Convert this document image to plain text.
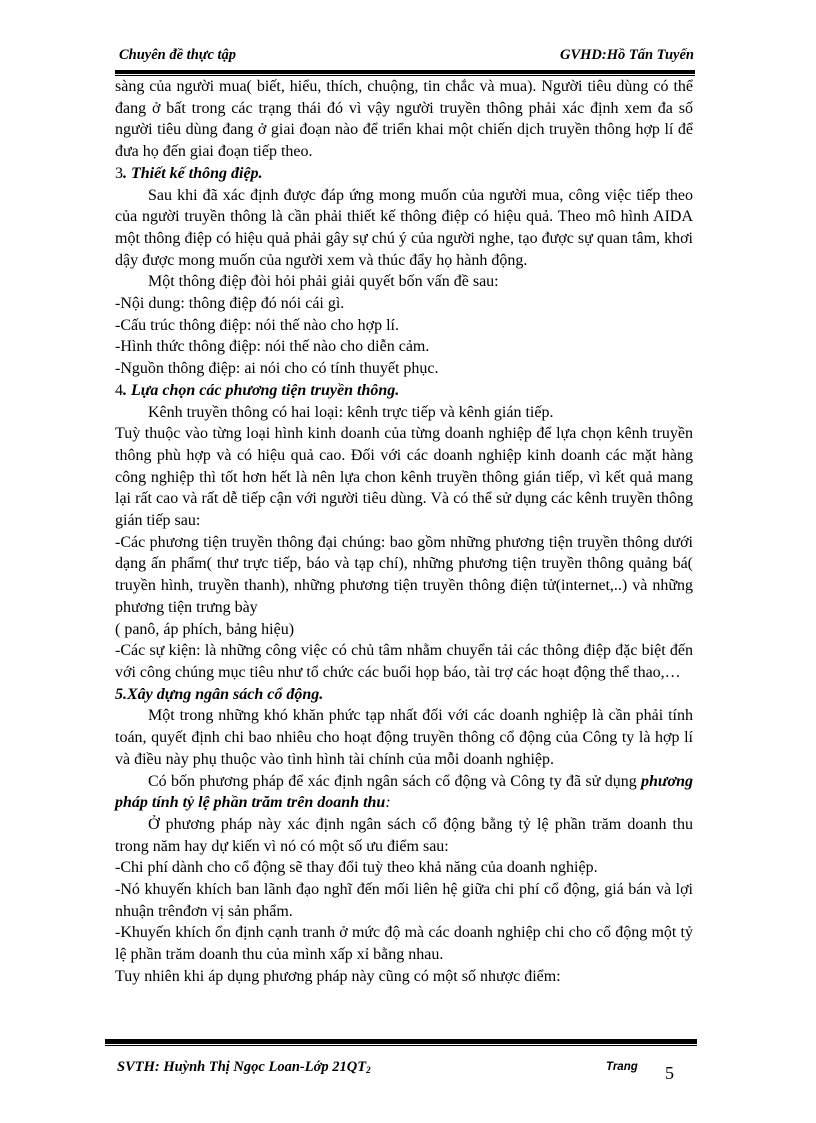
Chuyên đề thực tập	GVHD:Hồ Tấn Tuyến

sàng của người mua( biết, hiểu, thích, chuộng, tin chắc và mua). Người tiêu dùng có thể đang ở bất trong các trạng thái đó vì vậy người truyền thông phải xác định xem đa số người tiêu dùng đang ở giai đoạn nào để triển khai một chiến dịch truyền thông hợp lí để đưa họ đến giai đoạn tiếp theo.

3. Thiết kế thông điệp.

Sau khi đã xác định được đáp ứng mong muốn của người mua, công việc tiếp theo của người truyền thông là cần phải thiết kế thông điệp có hiệu quả. Theo mô hình AIDA một thông điệp có hiệu quả phải gây sự chú ý của người nghe, tạo được sự quan tâm, khơi dậy được mong muốn của người xem và thúc đẩy họ hành động.

Một thông điệp đòi hỏi phải giải quyết bốn vấn đề sau:

-Nội dung: thông điệp đó nói cái gì.

-Cấu trúc thông điệp: nói thế nào cho hợp lí.

-Hình thức thông điệp: nói thế nào cho diễn cảm.

-Nguồn thông điệp: ai nói cho có tính thuyết phục.

4. Lựa chọn các phương tiện truyền thông.

Kênh truyền thông có hai loại: kênh trực tiếp và kênh gián tiếp.

Tuỳ thuộc vào từng loại hình kinh doanh của từng doanh nghiệp để lựa chọn kênh truyền thông phù hợp và có hiệu quả cao. Đối với các doanh nghiệp kinh doanh các mặt hàng công nghiệp thì tốt hơn hết là nên lựa chon kênh truyền thông gián tiếp, vì kết quả mang lại rất cao và rất dễ tiếp cận với người tiêu dùng. Và có thể sử dụng các kênh truyền thông gián tiếp sau:

-Các phương tiện truyền thông đại chúng: bao gồm những phương tiện truyền thông dưới dạng ấn phẩm( thư trực tiếp, báo và tạp chí), những phương tiện truyền thông quảng bá( truyền hình, truyền thanh), những phương tiện truyền thông điện tử(internet,..) và những phương tiện trưng bày

( panô, áp phích, bảng hiệu)

-Các sự kiện: là những công việc có chủ tâm nhằm chuyển tải các thông điệp đặc biệt đến với công chúng mục tiêu như tổ chức các buổi họp báo, tài trợ các hoạt động thể thao,…

5.Xây dựng ngân sách cổ động.

Một trong những khó khăn phức tạp nhất đối với các doanh nghiệp là cần phải tính toán, quyết định chi bao nhiêu cho hoạt động truyền thông cổ động của Công ty là hợp lí và điều này phụ thuộc vào tình hình tài chính của mỗi doanh nghiệp.

Có bốn phương pháp để xác định ngân sách cổ động và Công ty đã sử dụng phương pháp tính tỷ lệ phần trăm trên doanh thu:

Ở phương pháp này xác định ngân sách cổ động bằng tỷ lệ phần trăm doanh thu trong năm hay dự kiến vì nó có một số ưu điểm sau:

-Chi phí dành cho cổ động sẽ thay đổi tuỳ theo khả năng của doanh nghiệp.

-Nó khuyến khích ban lãnh đạo nghĩ đến mối liên hệ giữa chi phí cổ động, giá bán và lợi nhuận trênđơn vị sản phẩm.

-Khuyến khích ổn định cạnh tranh ở mức độ mà các doanh nghiệp chi cho cổ động một tỷ lệ phần trăm doanh thu của mình xấp xỉ bằng nhau.

Tuy nhiên khi áp dụng phương pháp này cũng có một số nhược điểm:

SVTH: Huỳnh Thị Ngọc Loan-Lớp $21QT_2$	Trang 5
